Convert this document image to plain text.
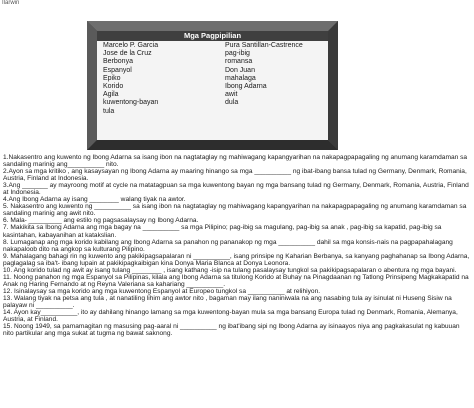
Ilarwin
Mga Pagpipilian
Marcelo P. Garcia
Jose de la Cruz
Berbonya
Espanyol
Epiko
Korido
Agila
kuwentong-bayan
tula
Pura Santillan-Castrence
pag-ibig
romansa
Don Juan
mahalaga
Ibong Adarna
awit
dula

1.Nakasentro ang kuwento ng Ibong Adarna sa isang ibon na nagtataglay ng mahiwagang kapangyarihan na nakapagpapagaling ng anumang karamdaman sa sandaling marinig ang__________ nito.

2.Ayon sa mga kritiko , ang kasaysayan ng Ibong Adarna ay maaring hinango sa mga __________ ng ibat-ibang bansa tulad ng Germany, Denmark, Romania, Austria, Finland at Indonesia.

3.Ang _______ ay mayroong motif at cycle na matatagpuan sa mga kuwentong bayan ng mga bansang tulad ng Germany, Denmark, Romania, Austria, Finland at Indonesia.

4.Ang Ibong Adarna ay isang ________ walang tiyak na awtor.

5. Nakasentro ang kuwento ng __________ sa isang ibon na nagtataglay ng mahiwagang kapangyarihan na nakapagpapagaling ng anumang karamdaman sa sandaling marinig ang awit nito.

6. Mala- _________ ang estilo ng pagsasalaysay ng Ibong Adarna.

7. Makikita sa Ibong Adarna ang mga bagay na __________ sa mga Pilipino; pag-ibig sa magulang, pag-ibig sa anak , pag-ibig sa kapatid, pag-ibig sa kasintahan, kabayanihan at katakslian.

8. Lumaganap ang mga korido kabilang ang Ibong Adarna sa panahon ng pananakop ng mga __________ dahil sa mga konsis-nais na pagpapahalagang nakapaloob dito na angkop sa kulturang Pilipino.

9. Mahalagang bahagi rin ng kuwento ang pakikipagsapalaran ni __________, isang prinsipe ng Kaharian Berbanya, sa kanyang paghahanap sa Ibong Adarna, paglagalag sa iba't- ibang lupain at pakikipagkaibigan kina Donya Maria Blanca at Donya Leonora.

10. Ang korido tulad ng awit ay isang tulang ________ , isang kathang -isip na tulang pasalaysay tungkol sa pakikipagsapalaran o abentura ng mga bayani.

11. Noong panahon ng mga Espanyol sa Pilipinas, kilala ang Ibong Adarna sa titulong Korido at Buhay na Pinagdaanan ng Tatlong Prinsipeng Magkakapatid na Anak ng Haring Fernando at ng Reyna Valeriana sa kahariang __________.

12. Isinalaysay sa mga korido ang mga kuwentong Espanyol at Europeo tungkol sa __________ at relihiyon.

13. Walang tiyak na petsa ang tula , at nanatiling lihim ang awtor nito , bagaman may ilang naniniwala na ang nasabing tula ay isinulat ni Huseng Sisiw na palayaw ni __________.

14. Ayon kay__________, ito ay dahilang hinango lamang sa mga kuwentong-bayan mula sa mga bansang Europa tulad ng Denmark, Romania, Alemanya, Austria, at Finland.

15. Noong 1949, sa pamamagitan ng masusing pag-aaral ni __________ ng ibat'ibang sipi ng Ibong Adarna ay isinaayos niya ang pagkakasulat ng kabuuan nito partikular ang mga sukat at tugma ng bawat saknong.
